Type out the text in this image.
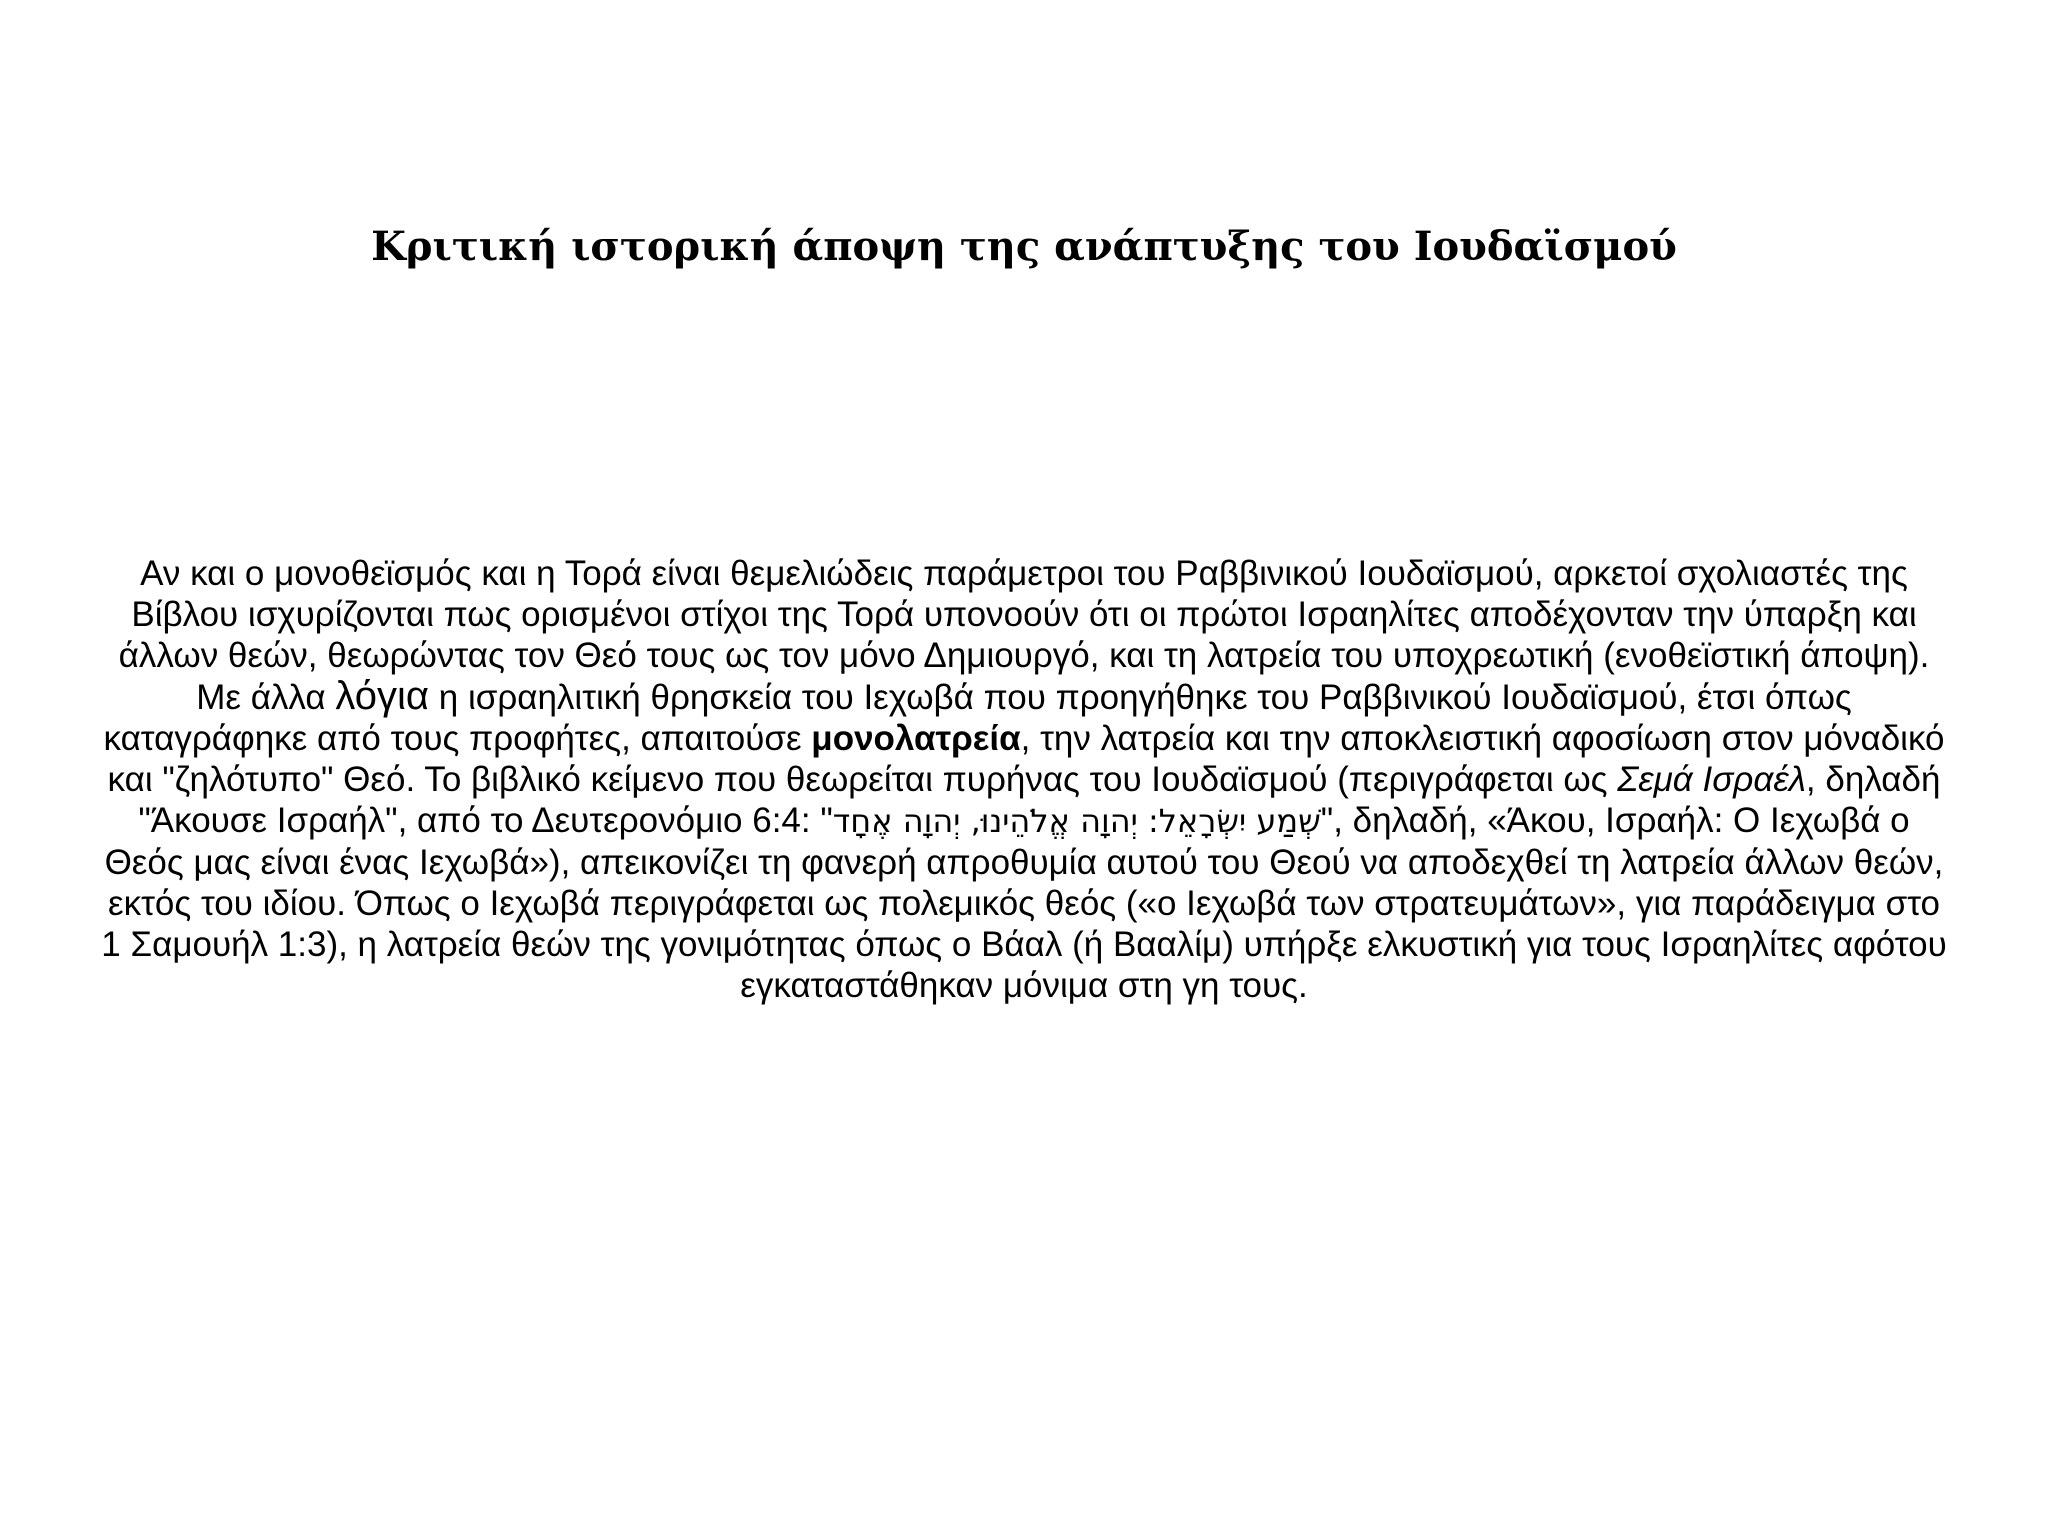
Κριτική ιστορική άποψη της ανάπτυξης του Ιουδαϊσμού

Αν και ο μονοθεϊσμός και η Τορά είναι θεμελιώδεις παράμετροι του Ραββινικού Ιουδαϊσμού, αρκετοί σχολιαστές της Βίβλου ισχυρίζονται πως ορισμένοι στίχοι της Τορά υπονοούν ότι οι πρώτοι Ισραηλίτες αποδέχονταν την ύπαρξη και άλλων θεών, θεωρώντας τον Θεό τους ως τον μόνο Δημιουργό, και τη λατρεία του υποχρεωτική (ενοθεϊστική άποψη). Με άλλα λόγια η ισραηλιτική θρησκεία του Ιεχωβά που προηγήθηκε του Ραββινικού Ιουδαϊσμού, έτσι όπως καταγράφηκε από τους προφήτες, απαιτούσε μονολατρεία, την λατρεία και την αποκλειστική αφοσίωση στον μόναδικό και "ζηλότυπο" Θεό. Το βιβλικό κείμενο που θεωρείται πυρήνας του Ιουδαϊσμού (περιγράφεται ως Σεμά Ισραέλ, δηλαδή "Άκουσε Ισραήλ", από το Δευτερονόμιο 6:4: "שְׁמַע יִשְׂרָאֵל: יְהוָה אֱלֹהֵינוּ, יְהוָה אֶחָד", δηλαδή, «Άκου, Ισραήλ: Ο Ιεχωβά ο Θεός μας είναι ένας Ιεχωβά»), απεικονίζει τη φανερή απροθυμία αυτού του Θεού να αποδεχθεί τη λατρεία άλλων θεών, εκτός του ιδίου. Όπως ο Ιεχωβά περιγράφεται ως πολεμικός θεός («ο Ιεχωβά των στρατευμάτων», για παράδειγμα στο 1 Σαμουήλ 1:3), η λατρεία θεών της γονιμότητας όπως ο Βάαλ (ή Βααλίμ) υπήρξε ελκυστική για τους Ισραηλίτες αφότου εγκαταστάθηκαν μόνιμα στη γη τους.
